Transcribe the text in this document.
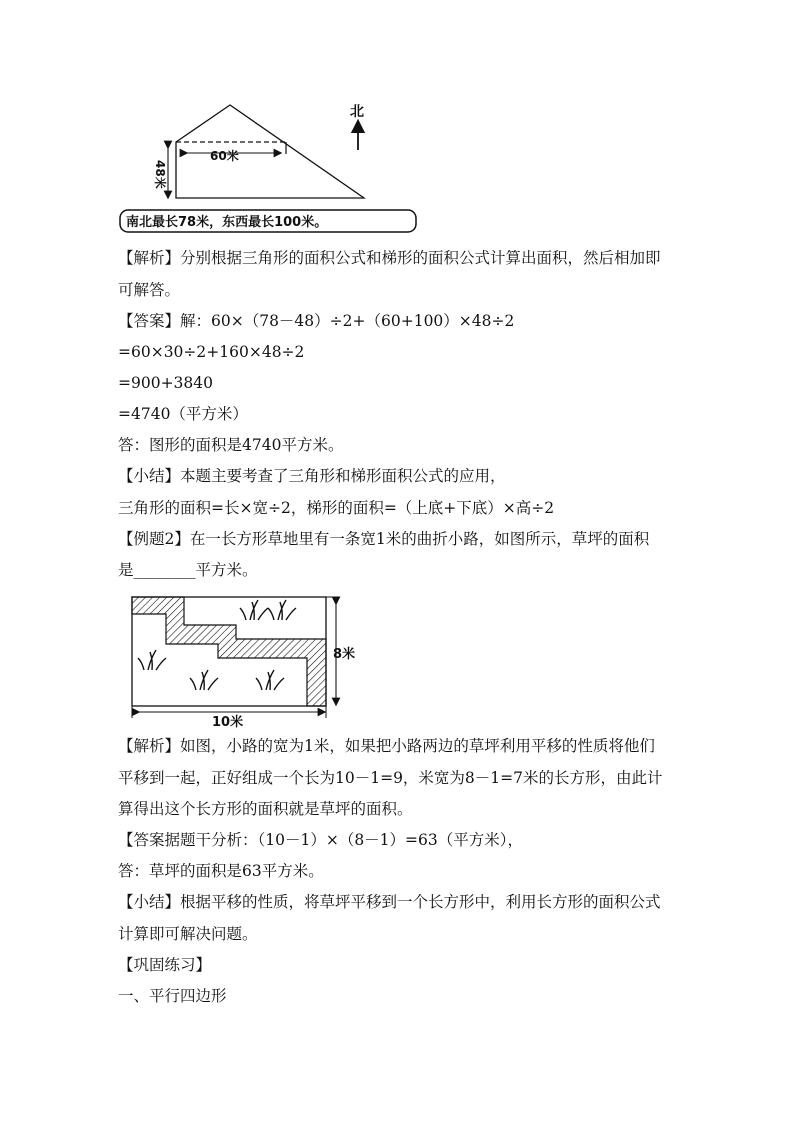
60米
48米
北
南北最长78米，东西最长100米。
【解析】分别根据三角形的面积公式和梯形的面积公式计算出面积，然后相加即
可解答。
【答案】解：60×（78－48）÷2+（60+100）×48÷2
=60×30÷2+160×48÷2
=900+3840
=4740（平方米）
答：图形的面积是4740平方米。
【小结】本题主要考查了三角形和梯形面积公式的应用，
三角形的面积=长×宽÷2，梯形的面积=（上底+下底）×高÷2
【例题2】在一长方形草地里有一条宽1米的曲折小路，如图所示，草坪的面积
是________平方米。
10米
8米
【解析】如图，小路的宽为1米，如果把小路两边的草坪利用平移的性质将他们
平移到一起，正好组成一个长为10－1=9，米宽为8－1=7米的长方形，由此计
算得出这个长方形的面积就是草坪的面积。
【答案据题干分析：（10－1）×（8－1）=63（平方米），
答：草坪的面积是63平方米。
【小结】根据平移的性质，将草坪平移到一个长方形中，利用长方形的面积公式
计算即可解决问题。
【巩固练习】
一、平行四边形
